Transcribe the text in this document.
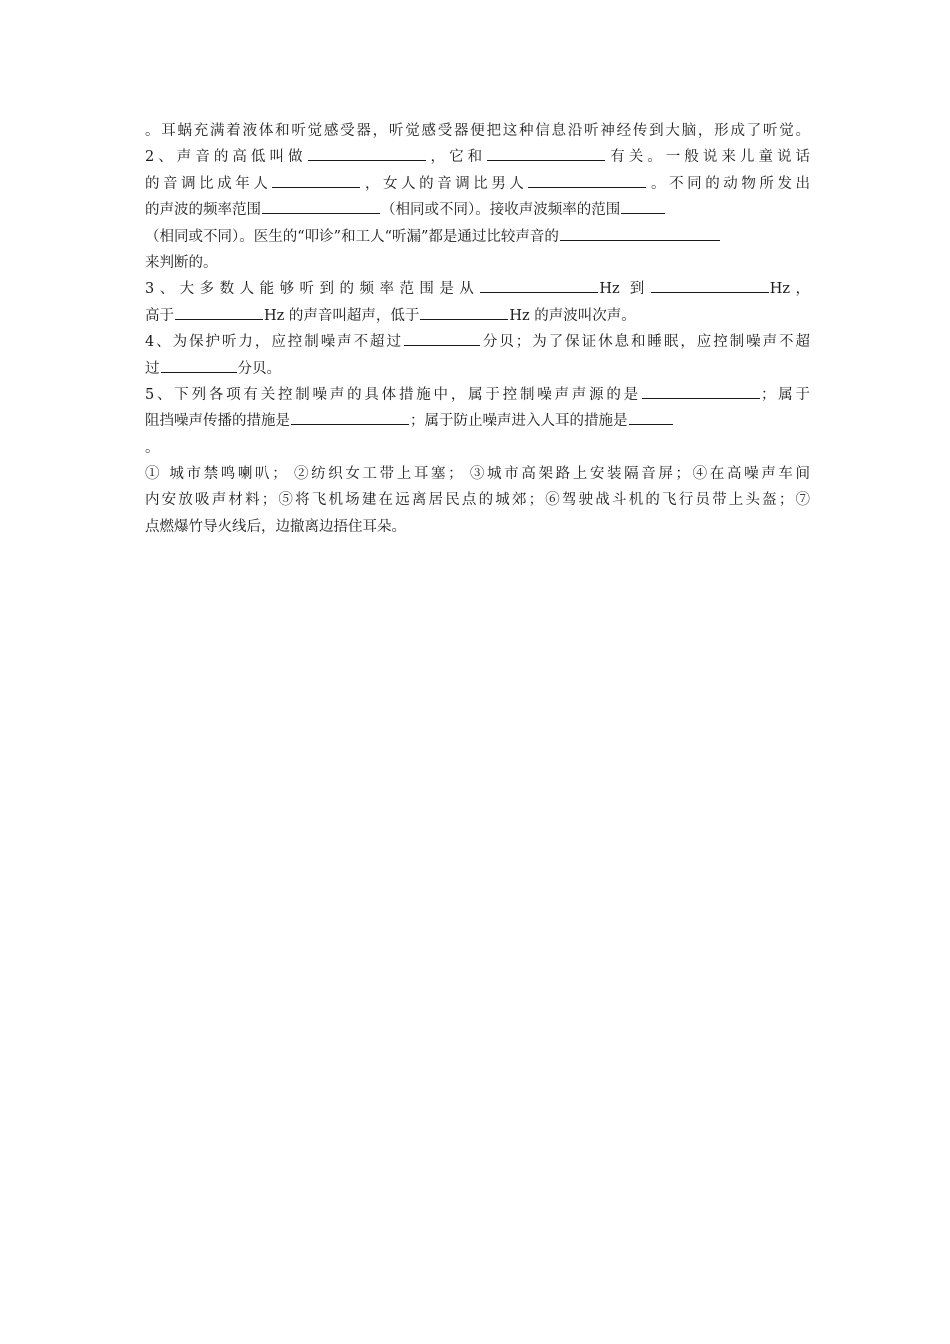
。耳蜗充满着液体和听觉感受器，听觉感受器便把这种信息沿听神经传到大脑，形成了听觉。
2、声音的高低叫做	，它和	有关。一般说来儿童说话
的音调比成年人	，女人的音调比男人	。不同的动物所发出
的声波的频率范围	（相同或不同）。接收声波频率的范围
（相同或不同）。医生的“叩诊”和工人“听漏”都是通过比较声音的
来判断的。
3、大多数人能够听到的频率范围是从	Hz 到	Hz，
高于	Hz 的声音叫超声，低于	Hz 的声波叫次声。
4、为保护听力，应控制噪声不超过	分贝；为了保证休息和睡眠，应控制噪声不超
过	分贝。
5、下列各项有关控制噪声的具体措施中，属于控制噪声声源的是	；属于
阻挡噪声传播的措施是	；属于防止噪声进入人耳的措施是
。
① 城市禁鸣喇叭； ②纺织女工带上耳塞； ③城市高架路上安装隔音屏；④在高噪声车间
内安放吸声材料；⑤将飞机场建在远离居民点的城郊；⑥驾驶战斗机的飞行员带上头盔；⑦
点燃爆竹导火线后，边撤离边捂住耳朵。
